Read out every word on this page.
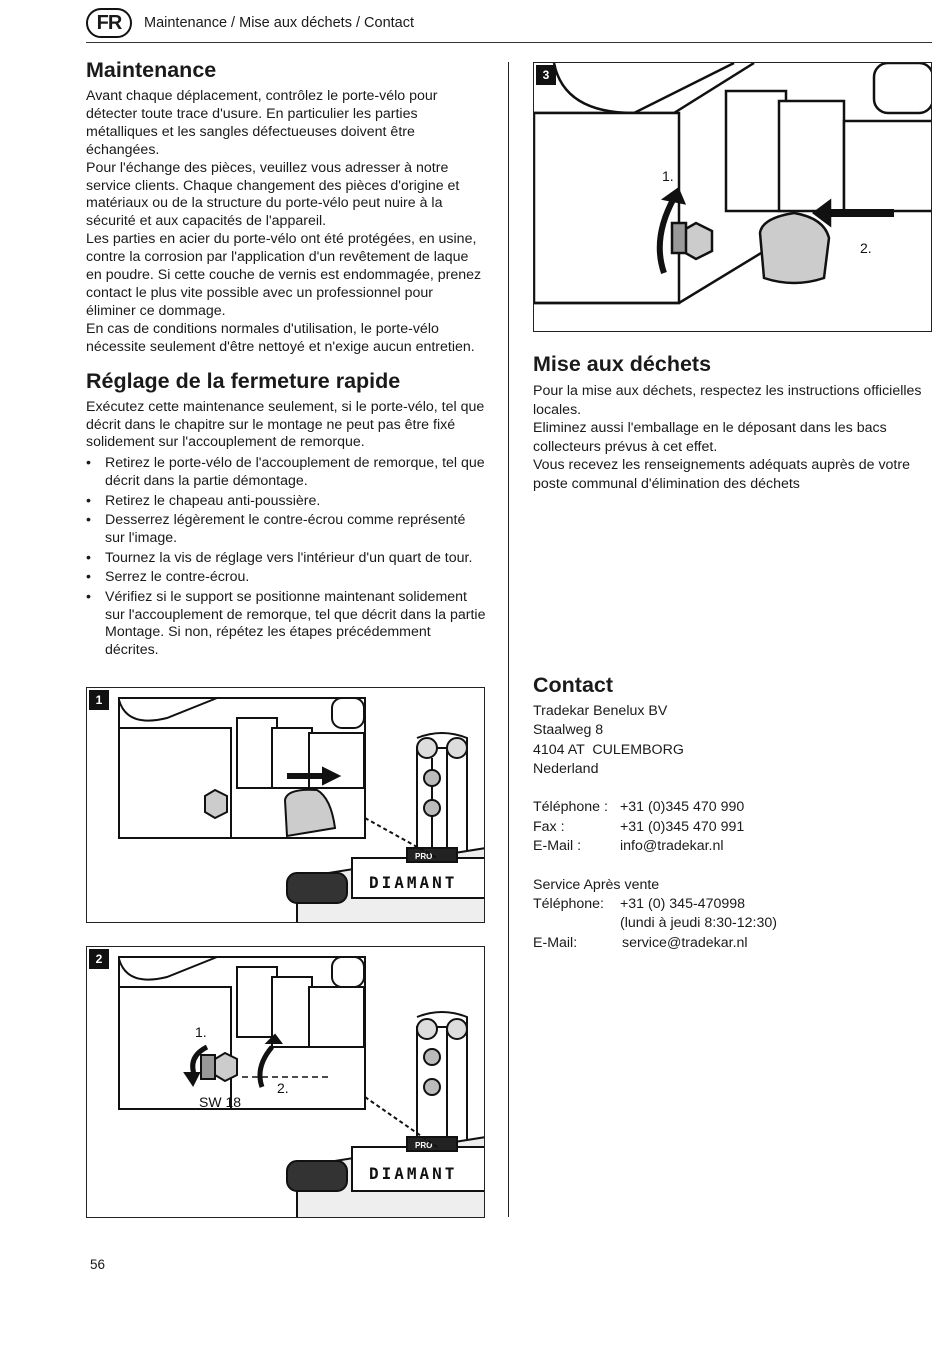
FR	Maintenance / Mise aux déchets / Contact
Maintenance

Avant chaque déplacement, contrôlez le porte-vélo pour détecter toute trace d'usure. En particulier les parties métalliques et les sangles défectueuses doivent être échangées.

Pour l'échange des pièces, veuillez vous adresser à notre service clients. Chaque changement des pièces d'origine et matériaux ou de la structure du porte-vélo peut nuire à la sécurité et aux capacités de l'appareil.

Les parties en acier du porte-vélo ont été protégées, en usine, contre la corrosion par l'application d'un revêtement de laque en poudre. Si cette couche de vernis est endommagée, prenez contact le plus vite possible avec un professionnel pour éliminer ce dommage.

En cas de conditions normales d'utilisation, le porte-vélo nécessite seulement d'être nettoyé et n'exige aucun entretien.

Réglage de la fermeture rapide

Exécutez cette maintenance seulement, si le porte-vélo, tel que décrit dans le chapitre sur le montage ne peut pas être fixé solidement sur l'accouplement de remorque.

• Retirez le porte-vélo de l'accouplement de remorque, tel que décrit dans la partie démontage.
• Retirez le chapeau anti-poussière.
• Desserrez légèrement le contre-écrou comme représenté sur l'image.
• Tournez la vis de réglage vers l'intérieur d'un quart de tour.
• Serrez le contre-écrou.
• Vérifiez si le support se positionne maintenant solidement sur l'accouplement de remorque, tel que décrit dans la partie Montage. Si non, répétez les étapes précédemment décrites.
1
DIAMANT
PRO
2
DIAMANT
PRO
1.
2.
SW 18
3
1.
2.
Mise aux déchets

Pour la mise aux déchets, respectez les instructions officielles locales.

Eliminez aussi l'emballage en le déposant dans les bacs collecteurs prévus à cet effet.

Vous recevez les renseignements adéquats auprès de votre poste communal d'élimination des déchets

Contact
Tradekar Benelux BV
Staalweg 8
4104 AT  CULEMBORG
Nederland
Téléphone : +31 (0)345 470 990
Fax :	+31 (0)345 470 991
E-Mail :	info@tradekar.nl
Service Après vente
Téléphone: +31 (0) 345-470998
(lundi à jeudi 8:30-12:30)
E-Mail:	service@tradekar.nl
56
